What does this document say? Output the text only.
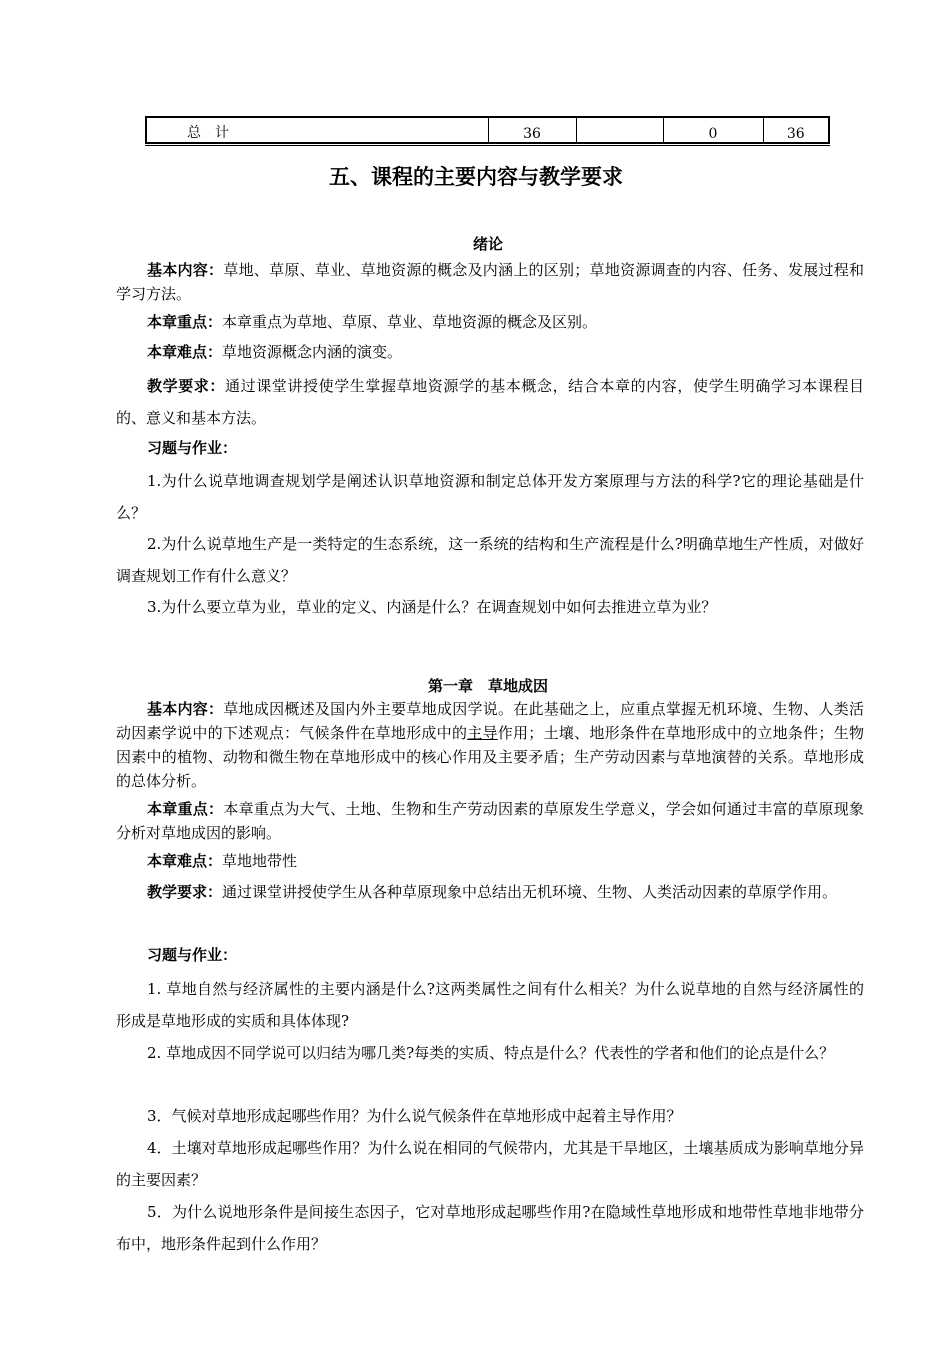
总　计	36		0	36

五、课程的主要内容与教学要求
绪论

基本内容：草地、草原、草业、草地资源的概念及内涵上的区别；草地资源调查的内容、任务、发展过程和学习方法。

本章重点：本章重点为草地、草原、草业、草地资源的概念及区别。

本章难点：草地资源概念内涵的演变。

教学要求：通过课堂讲授使学生掌握草地资源学的基本概念，结合本章的内容，使学生明确学习本课程目的、意义和基本方法。

习题与作业：

1.为什么说草地调查规划学是阐述认识草地资源和制定总体开发方案原理与方法的科学?它的理论基础是什么？

2.为什么说草地生产是一类特定的生态系统，这一系统的结构和生产流程是什么?明确草地生产性质，对做好调查规划工作有什么意义？

3.为什么要立草为业，草业的定义、内涵是什么？在调查规划中如何去推进立草为业？

第一章　草地成因

基本内容：草地成因概述及国内外主要草地成因学说。在此基础之上，应重点掌握无机环境、生物、人类活动因素学说中的下述观点：气候条件在草地形成中的主导作用；土壤、地形条件在草地形成中的立地条件；生物因素中的植物、动物和微生物在草地形成中的核心作用及主要矛盾；生产劳动因素与草地演替的关系。草地形成的总体分析。

本章重点：本章重点为大气、土地、生物和生产劳动因素的草原发生学意义，学会如何通过丰富的草原现象分析对草地成因的影响。

本章难点：草地地带性

教学要求：通过课堂讲授使学生从各种草原现象中总结出无机环境、生物、人类活动因素的草原学作用。

习题与作业：

1. 草地自然与经济属性的主要内涵是什么?这两类属性之间有什么相关？为什么说草地的自然与经济属性的形成是草地形成的实质和具体体现?

2. 草地成因不同学说可以归结为哪几类?每类的实质、特点是什么？代表性的学者和他们的论点是什么？

3．气候对草地形成起哪些作用？为什么说气候条件在草地形成中起着主导作用？

4．土壤对草地形成起哪些作用？为什么说在相同的气候带内，尤其是干旱地区，土壤基质成为影响草地分异的主要因素？

5．为什么说地形条件是间接生态因子，它对草地形成起哪些作用?在隐域性草地形成和地带性草地非地带分布中，地形条件起到什么作用？
